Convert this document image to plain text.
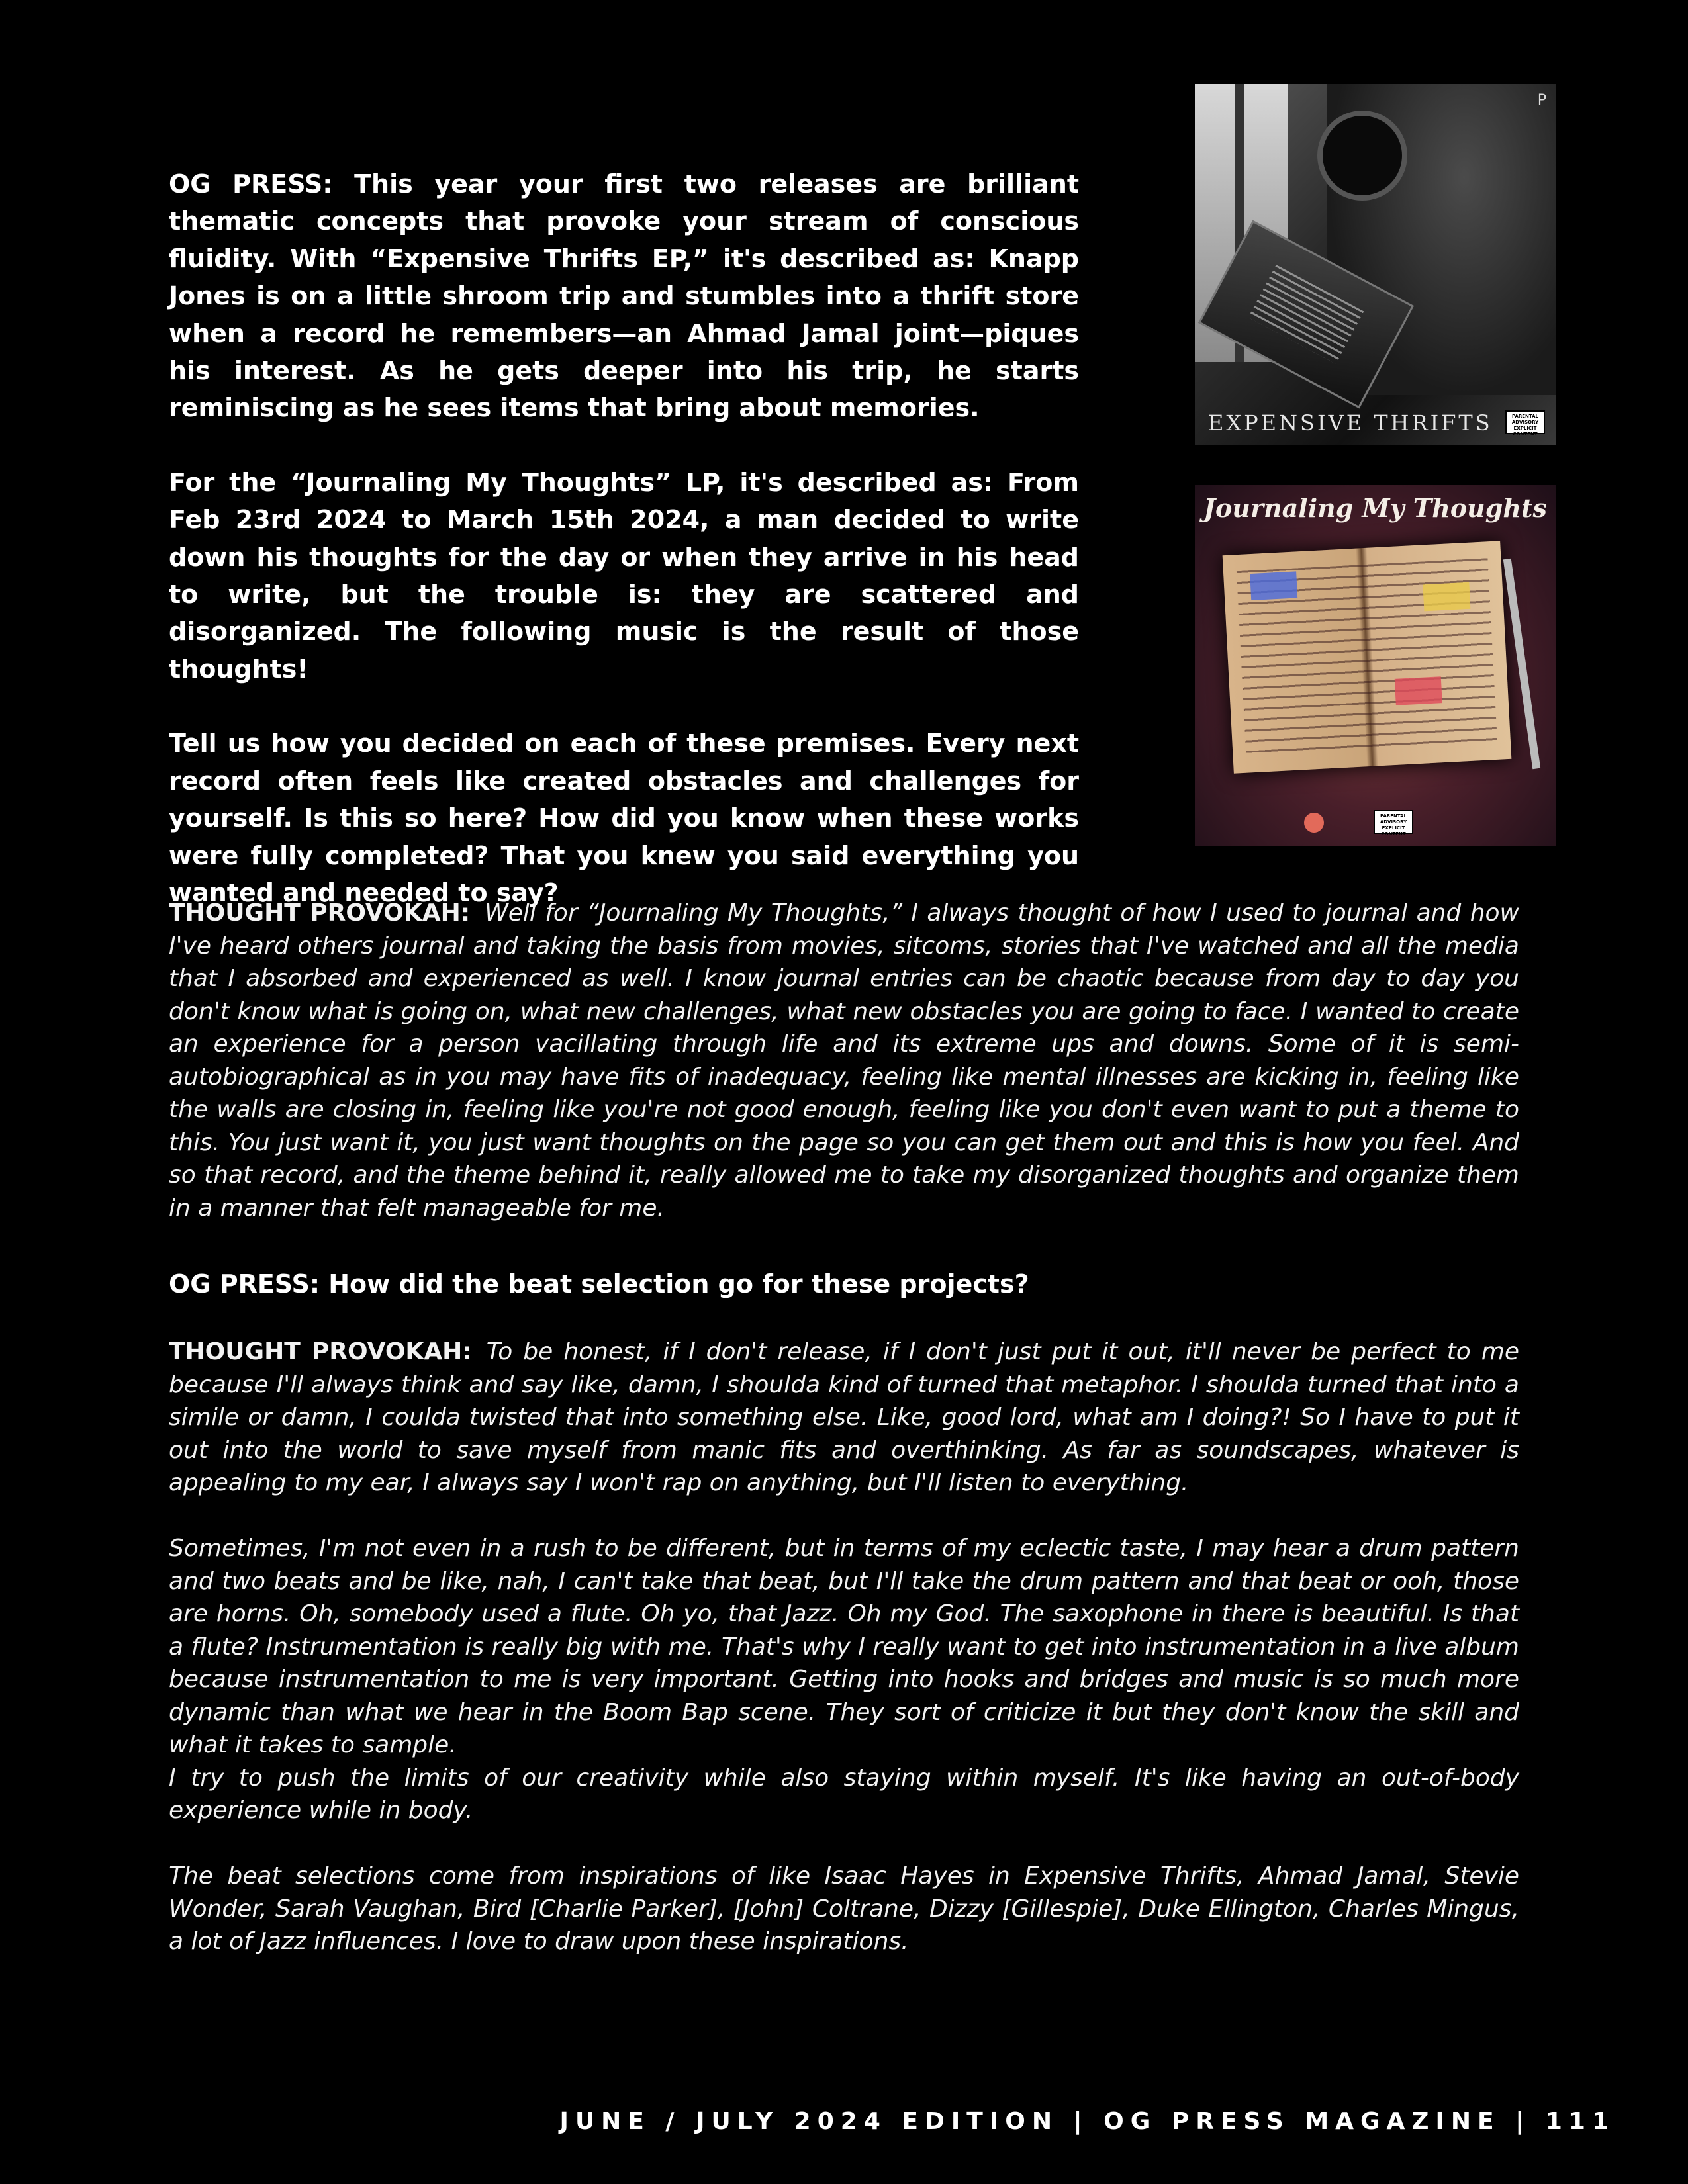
OG PRESS: This year your first two releases are brilliant thematic concepts that provoke your stream of conscious fluidity. With “Expensive Thrifts EP,” it's described as: Knapp Jones is on a little shroom trip and stumbles into a thrift store when a record he remembers—an Ahmad Jamal joint—piques his interest. As he gets deeper into his trip, he starts reminiscing as he sees items that bring about memories.

For the “Journaling My Thoughts” LP, it's described as: From Feb 23rd 2024 to March 15th 2024, a man decided to write down his thoughts for the day or when they arrive in his head to write, but the trouble is: they are scattered and disorganized. The following music is the result of those thoughts!

Tell us how you decided on each of these premises. Every next record often feels like created obstacles and challenges for yourself. Is this so here? How did you know when these works were fully completed? That you knew you said everything you wanted and needed to say?

P
EXPENSIVE THRIFTS	PARENTAL ADVISORY EXPLICIT CONTENT
Journaling My Thoughts
PARENTAL ADVISORY EXPLICIT CONTENT

THOUGHT PROVOKAH: Well for “Journaling My Thoughts,” I always thought of how I used to journal and how I've heard others journal and taking the basis from movies, sitcoms, stories that I've watched and all the media that I absorbed and experienced as well. I know journal entries can be chaotic because from day to day you don't know what is going on, what new challenges, what new obstacles you are going to face. I wanted to create an experience for a person vacillating through life and its extreme ups and downs. Some of it is semi-autobiographical as in you may have fits of inadequacy, feeling like mental illnesses are kicking in, feeling like the walls are closing in, feeling like you're not good enough, feeling like you don't even want to put a theme to this. You just want it, you just want thoughts on the page so you can get them out and this is how you feel. And so that record, and the theme behind it, really allowed me to take my disorganized thoughts and organize them in a manner that felt manageable for me.

OG PRESS: How did the beat selection go for these projects?

THOUGHT PROVOKAH: To be honest, if I don't release, if I don't just put it out, it'll never be perfect to me because I'll always think and say like, damn, I shoulda kind of turned that metaphor. I shoulda turned that into a simile or damn, I coulda twisted that into something else. Like, good lord, what am I doing?! So I have to put it out into the world to save myself from manic fits and overthinking. As far as soundscapes, whatever is appealing to my ear, I always say I won't rap on anything, but I'll listen to everything.

Sometimes, I'm not even in a rush to be different, but in terms of my eclectic taste, I may hear a drum pattern and two beats and be like, nah, I can't take that beat, but I'll take the drum pattern and that beat or ooh, those are horns. Oh, somebody used a flute. Oh yo, that Jazz. Oh my God. The saxophone in there is beautiful. Is that a flute? Instrumentation is really big with me. That's why I really want to get into instrumentation in a live album because instrumentation to me is very important. Getting into hooks and bridges and music is so much more dynamic than what we hear in the Boom Bap scene. They sort of criticize it but they don't know the skill and what it takes to sample.

I try to push the limits of our creativity while also staying within myself. It's like having an out-of-body experience while in body.

The beat selections come from inspirations of like Isaac Hayes in Expensive Thrifts, Ahmad Jamal, Stevie Wonder, Sarah Vaughan, Bird [Charlie Parker], [John] Coltrane, Dizzy [Gillespie], Duke Ellington, Charles Mingus, a lot of Jazz influences. I love to draw upon these inspirations.

JUNE / JULY 2024 EDITION | OG PRESS MAGAZINE | 111
